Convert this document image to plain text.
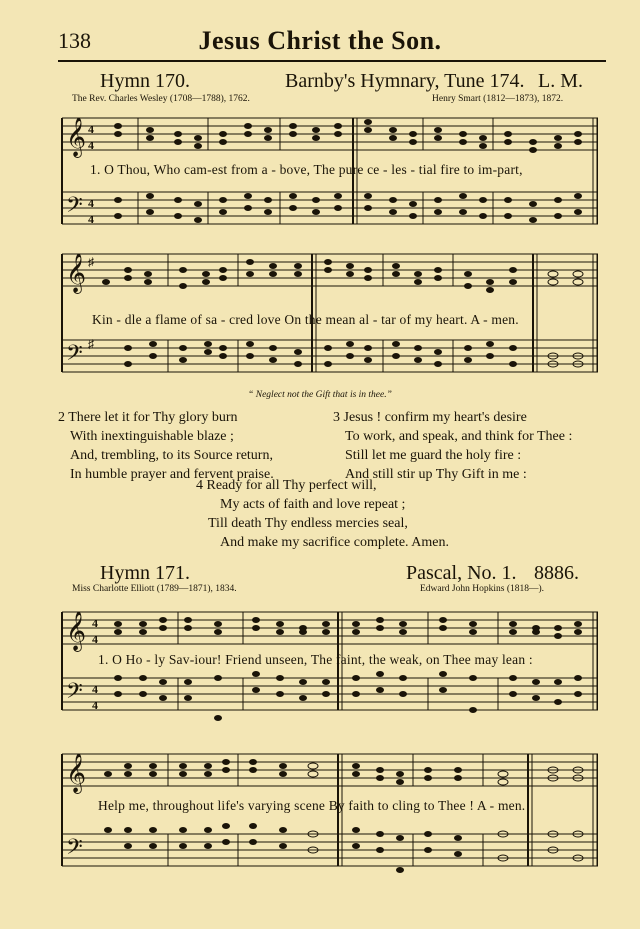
138	Jesus Christ the Son.
Hymn 170.	Barnby's Hymnary, Tune 174. L. M.
The Rev. Charles Wesley (1708—1788), 1762.	Henry Smart (1812—1873), 1872.
𝄞
𝄢
4
4
4
4
1. O Thou, Who cam-est from a - bove, The pure ce - les - tial fire to im-part,
𝄞
𝄢
♯
♯
Kin - dle a flame of sa - cred love On the mean al - tar of my heart. A - men.
“ Neglect not the Gift that is in thee.”
2 There let it for Thy glory burn
With inextinguishable blaze ;
And, trembling, to its Source return,
In humble prayer and fervent praise.
3 Jesus ! confirm my heart's desire
To work, and speak, and think for Thee :
Still let me guard the holy fire :
And still stir up Thy Gift in me :
4 Ready for all Thy perfect will,
My acts of faith and love repeat ;
Till death Thy endless mercies seal,
And make my sacrifice complete. Amen.
Hymn 171.	Pascal, No. 1. 8886.
Miss Charlotte Elliott (1789—1871), 1834.	Edward John Hopkins (1818—).
𝄞
𝄢
4
4
4
4
1. O Ho - ly Sav-iour! Friend unseen, The faint, the weak, on Thee may lean :
𝄞
𝄢
Help me, throughout life's varying scene By faith to cling to Thee ! A - men.
